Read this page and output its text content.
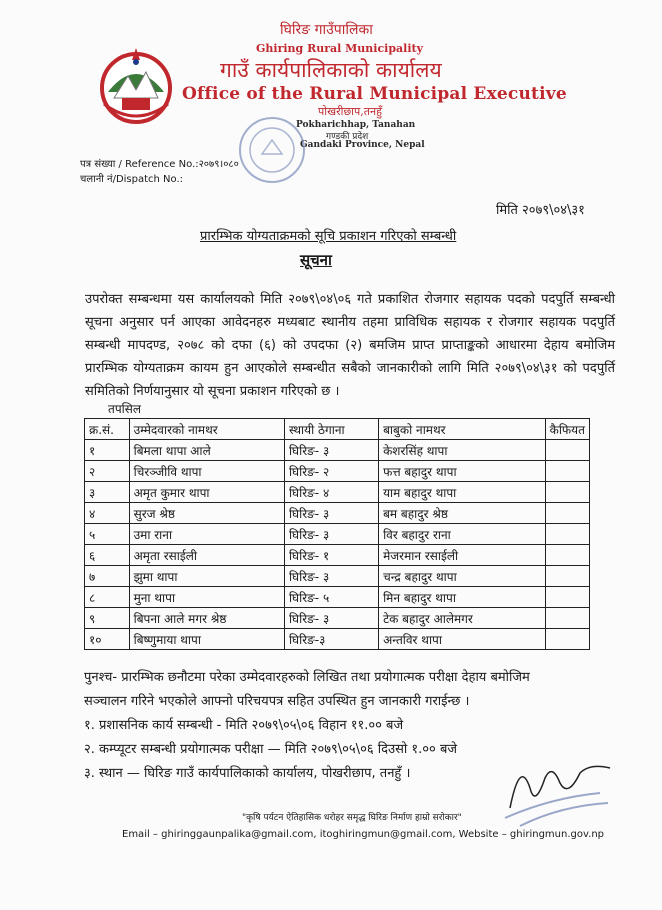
घिरिङ गाउँपालिका
Ghiring Rural Municipality
गाउँ कार्यपालिकाको कार्यालय
Office of the Rural Municipal Executive
पोखरीछाप,तनहुँ
Pokharichhap, Tanahan
गण्डकी प्रदेश
Gandaki Province, Nepal
पत्र संख्या / Reference No.:२०७९।०८०
चलानी नं/Dispatch No.:
मिति २०७९\०४\३१
प्रारम्भिक योग्यताक्रमको सूचि प्रकाशन गरिएको सम्बन्धी
सूचना
उपरोक्त सम्बन्धमा यस कार्यालयको मिति २०७९\०४\०६ गते प्रकाशित रोजगार सहायक पदको पदपुर्ति सम्बन्धी सूचना अनुसार पर्न आएका आवेदनहरु मध्यबाट स्थानीय तहमा प्राविधिक सहायक र रोजगार सहायक पदपुर्ति सम्बन्धी मापदण्ड, २०७८ को दफा (६) को उपदफा (२) बमजिम प्राप्त प्राप्ताङ्कको आधारमा देहाय बमोजिम प्रारम्भिक योग्यताक्रम कायम हुन आएकोले सम्बन्धीत सबैको जानकारीको लागि मिति २०७९\०४\३१ को पदपुर्ति समितिको निर्णयानुसार यो सूचना प्रकाशन गरिएको छ ।
तपसिल
क्र.सं.	उम्मेदवारको नामथर	स्थायी ठेगाना	बाबुको नामथर	कैफियत
१	बिमला थापा आले	घिरिङ- ३	केशरसिंह थापा	
२	चिरञ्जीवि थापा	घिरिङ- २	फत्त बहादुर थापा	
३	अमृत कुमार थापा	घिरिङ- ४	याम बहादुर थापा	
४	सुरज श्रेष्ठ	घिरिङ- ३	बम बहादुर श्रेष्ठ	
५	उमा राना	घिरिङ- ३	विर बहादुर राना	
६	अमृता रसाईली	घिरिङ- १	मेजरमान रसाईली	
७	झुमा थापा	घिरिङ- ३	चन्द्र बहादुर थापा	
८	मुना थापा	घिरिङ- ५	मिन बहादुर थापा	
९	बिपना आले मगर श्रेष्ठ	घिरिङ- ३	टेक बहादुर आलेमगर	
१०	बिष्णुमाया थापा	घिरिङ-३	अन्तविर थापा	
पुनश्च- प्रारम्भिक छनौटमा परेका उम्मेदवारहरुको लिखित तथा प्रयोगात्मक परीक्षा देहाय बमोजिम
सञ्चालन गरिने भएकोले आफ्नो परिचयपत्र सहित उपस्थित हुन जानकारी गराईन्छ ।
१. प्रशासनिक कार्य सम्बन्धी - मिति २०७९\०५\०६ विहान ११.०० बजे
२. कम्प्यूटर सम्बन्धी प्रयोगात्मक परीक्षा — मिति २०७९\०५\०६ दिउसो १.०० बजे
३. स्थान — घिरिङ गाउँ कार्यपालिकाको कार्यालय, पोखरीछाप, तनहुँ ।
"कृषि पर्यटन ऐतिहासिक धरोहर समृद्ध घिरिङ निर्माण हाम्रो सरोकार"
Email – ghiringgaunpalika@gmail.com, itoghiringmun@gmail.com, Website – ghiringmun.gov.np
